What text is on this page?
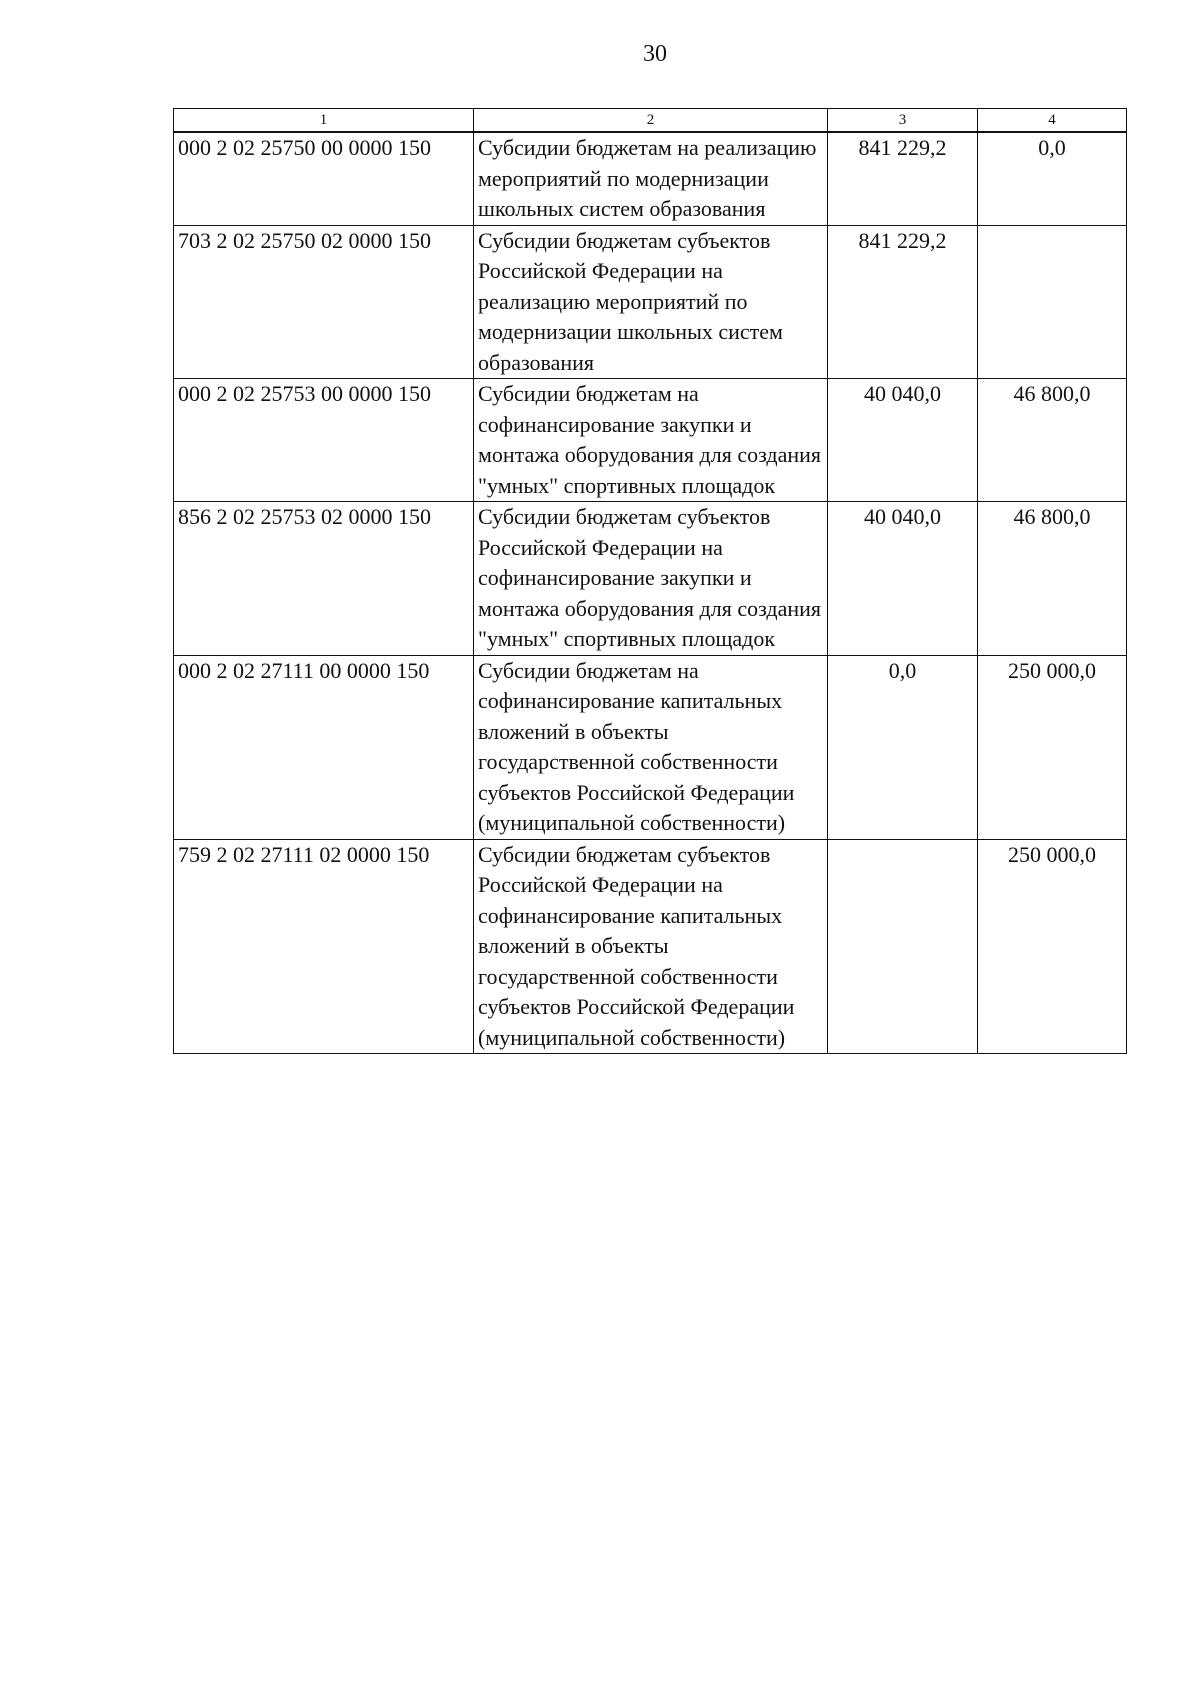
30
1	2	3	4
000 2 02 25750 00 0000 150	Субсидии бюджетам на реализацию мероприятий по модернизации школьных систем образования	841 229,2	0,0
703 2 02 25750 02 0000 150	Субсидии бюджетам субъектов Российской Федерации на реализацию мероприятий по модернизации школьных систем образования	841 229,2	
000 2 02 25753 00 0000 150	Субсидии бюджетам на софинансирование закупки и монтажа оборудования для создания "умных" спортивных площадок	40 040,0	46 800,0
856 2 02 25753 02 0000 150	Субсидии бюджетам субъектов Российской Федерации на софинансирование закупки и монтажа оборудования для создания "умных" спортивных площадок	40 040,0	46 800,0
000 2 02 27111 00 0000 150	Субсидии бюджетам на софинансирование капитальных вложений в объекты государственной собственности субъектов Российской Федерации (муниципальной собственности)	0,0	250 000,0
759 2 02 27111 02 0000 150	Субсидии бюджетам субъектов Российской Федерации на софинансирование капитальных вложений в объекты государственной собственности субъектов Российской Федерации (муниципальной собственности)		250 000,0
